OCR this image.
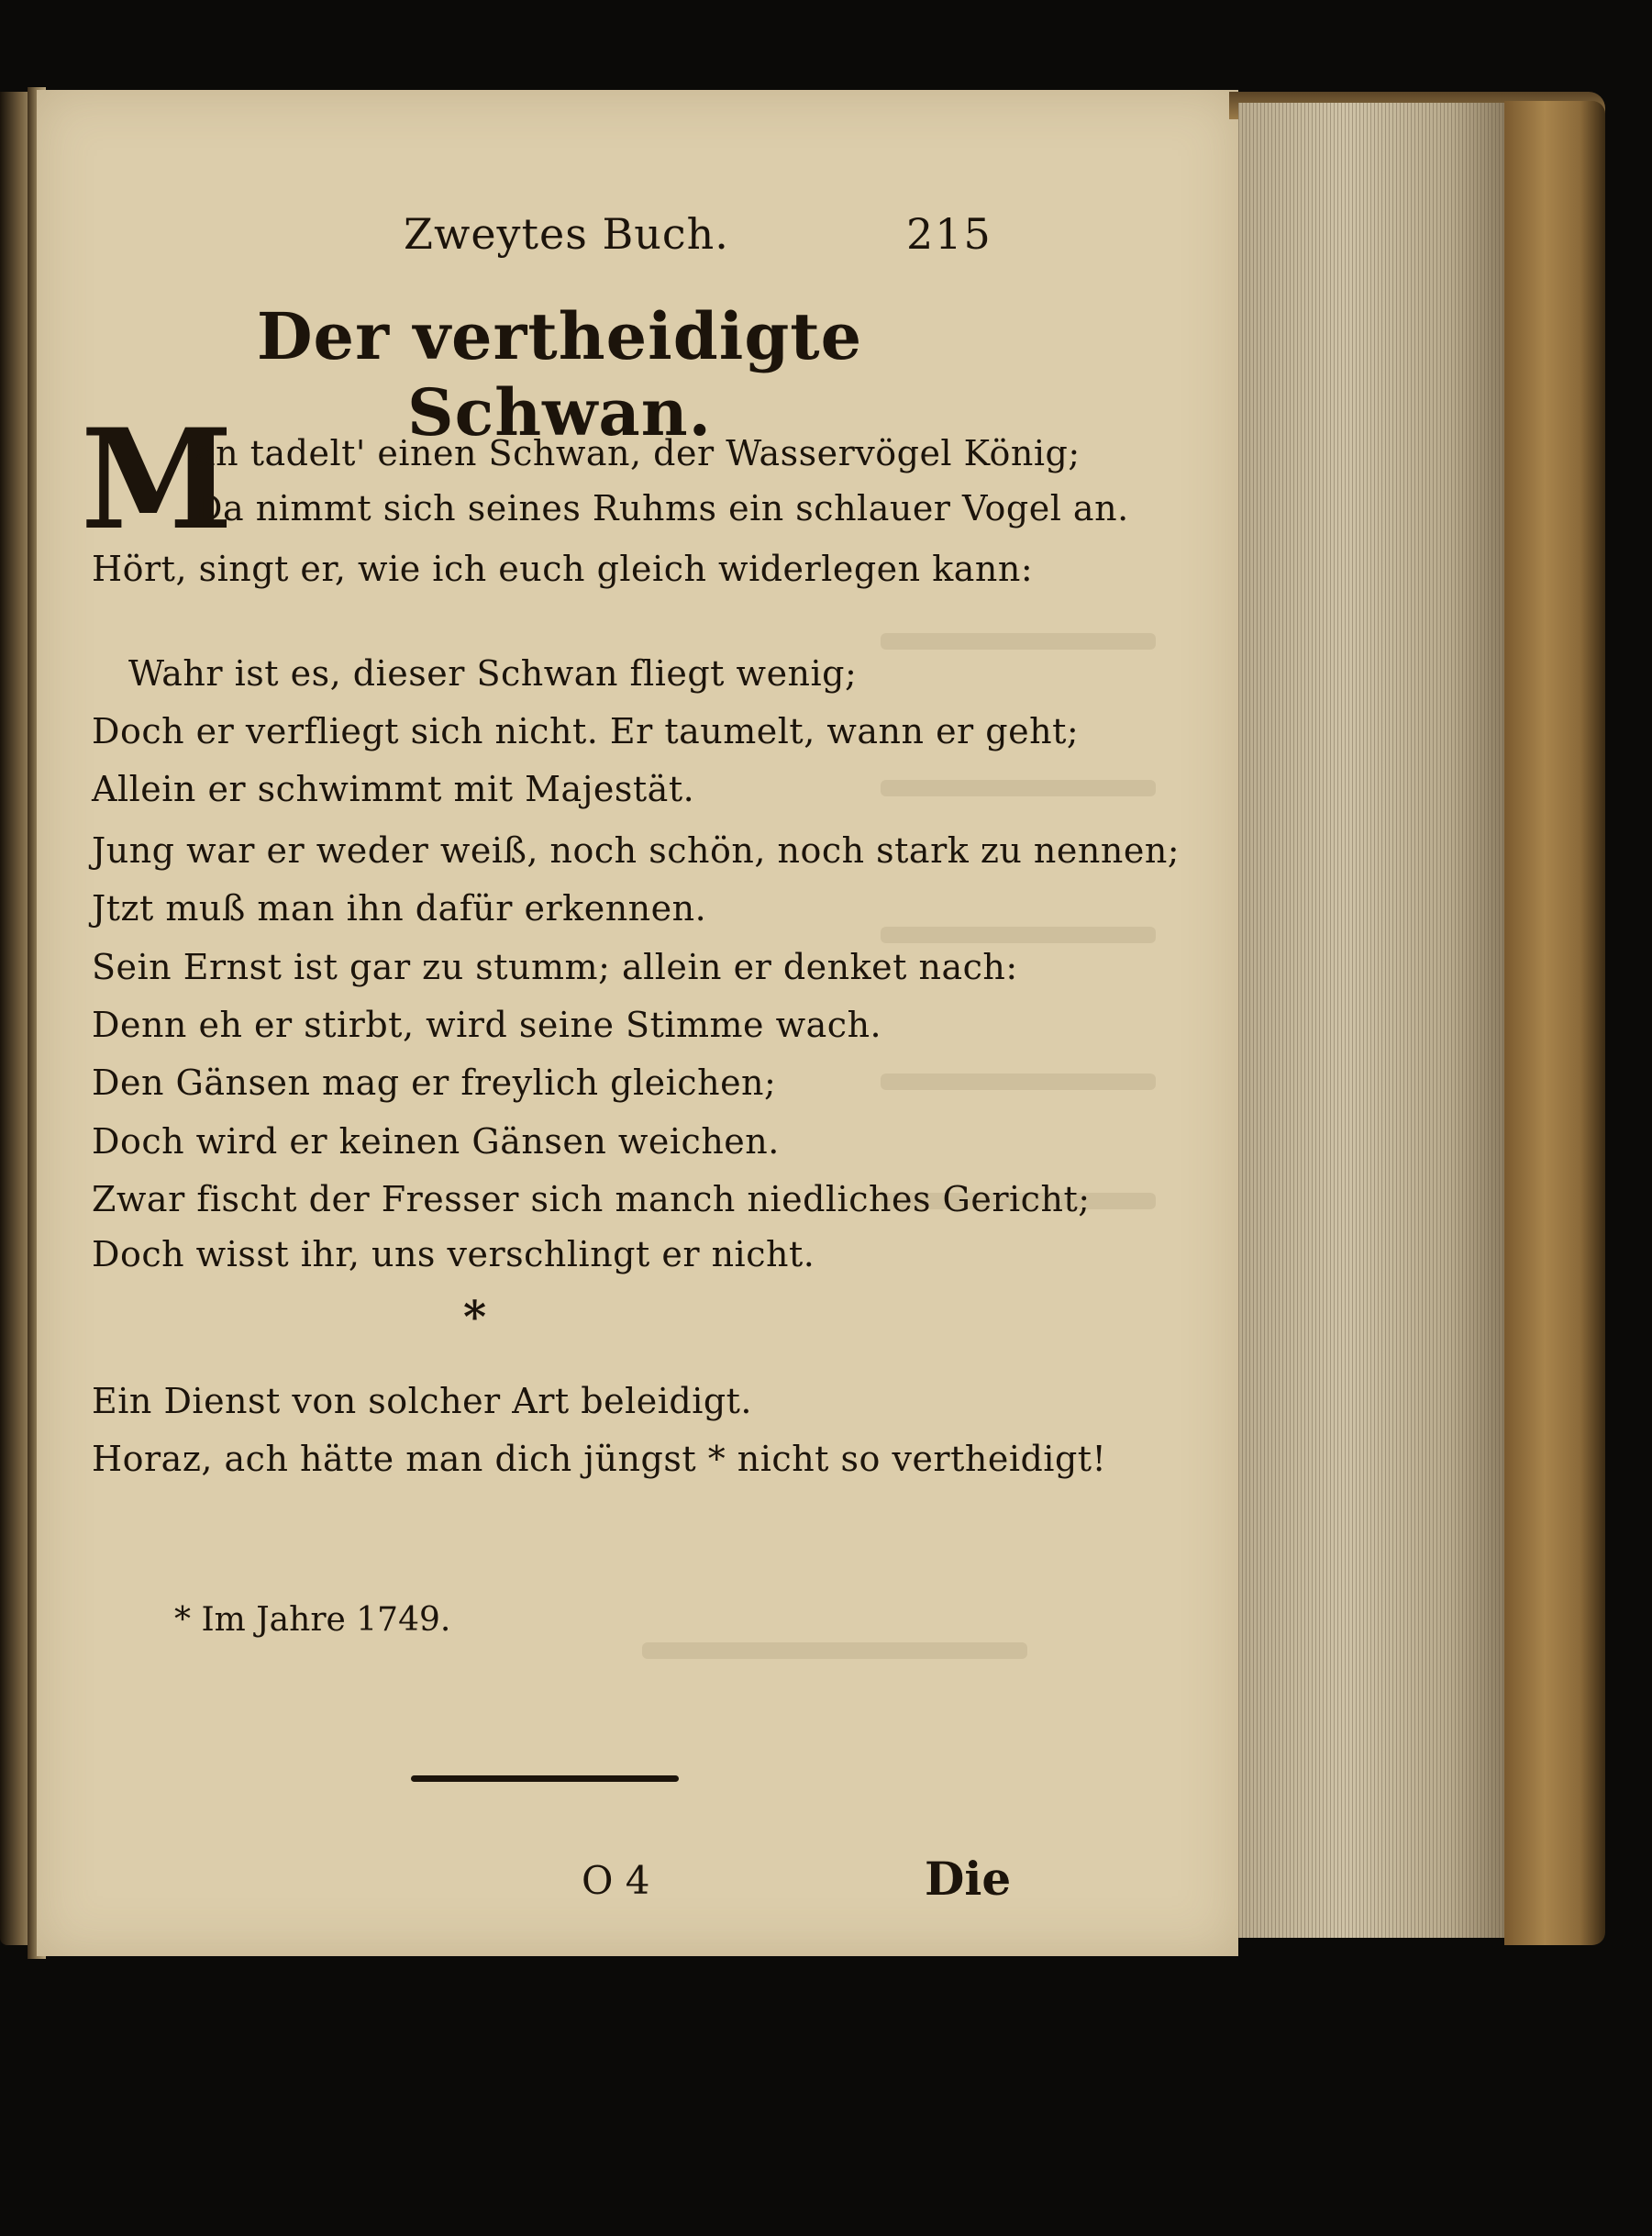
Zweytes Buch.	215
Der vertheidigte Schwan.
M
an tadelt' einen Schwan, der Wasservögel König;
Da nimmt sich seines Ruhms ein schlauer Vogel an.
Hört, singt er, wie ich euch gleich widerlegen kann:
Wahr ist es, dieser Schwan fliegt wenig;
Doch er verfliegt sich nicht. Er taumelt, wann er geht;
Allein er schwimmt mit Majestät.
Jung war er weder weiß, noch schön, noch stark zu nennen;
Jtzt muß man ihn dafür erkennen.
Sein Ernst ist gar zu stumm; allein er denket nach:
Denn eh er stirbt, wird seine Stimme wach.
Den Gänsen mag er freylich gleichen;
Doch wird er keinen Gänsen weichen.
Zwar fischt der Fresser sich manch niedliches Gericht;
Doch wisst ihr, uns verschlingt er nicht.
*
Ein Dienst von solcher Art beleidigt.
Horaz, ach hätte man dich jüngst * nicht so vertheidigt!
* Im Jahre 1749.
O 4	Die
